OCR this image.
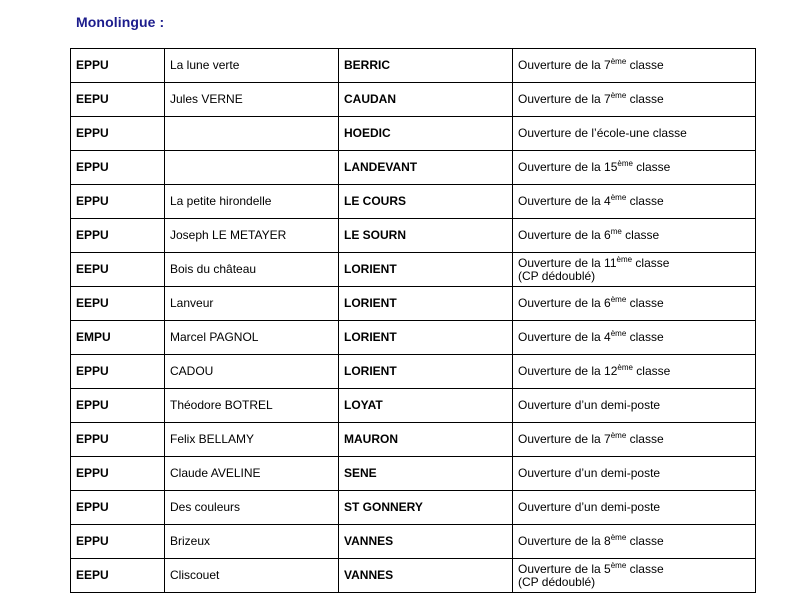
Monolingue :
EPPU	La lune verte	BERRIC	Ouverture de la 7ème classe

EEPU	Jules VERNE	CAUDAN	Ouverture de la 7ème classe

EPPU		HOEDIC	Ouverture de l’école-une classe

EPPU		LANDEVANT	Ouverture de la 15ème classe

EPPU	La petite hirondelle	LE COURS	Ouverture de la 4ème classe

EPPU	Joseph LE METAYER	LE SOURN	Ouverture de la $6^{me}$ classe

EEPU	Bois du château	LORIENT	Ouverture de la 11ème classe
(CP dédoublé)

EEPU	Lanveur	LORIENT	Ouverture de la 6ème classe

EMPU	Marcel PAGNOL	LORIENT	Ouverture de la 4ème classe

EPPU	CADOU	LORIENT	Ouverture de la 12ème classe

EPPU	Théodore BOTREL	LOYAT	Ouverture d’un demi-poste

EPPU	Felix BELLAMY	MAURON	Ouverture de la 7ème classe

EPPU	Claude AVELINE	SENE	Ouverture d’un demi-poste

EPPU	Des couleurs	ST GONNERY	Ouverture d’un demi-poste

EPPU	Brizeux	VANNES	Ouverture de la 8ème classe

EEPU	Cliscouet	VANNES	Ouverture de la 5ème classe
(CP dédoublé)
